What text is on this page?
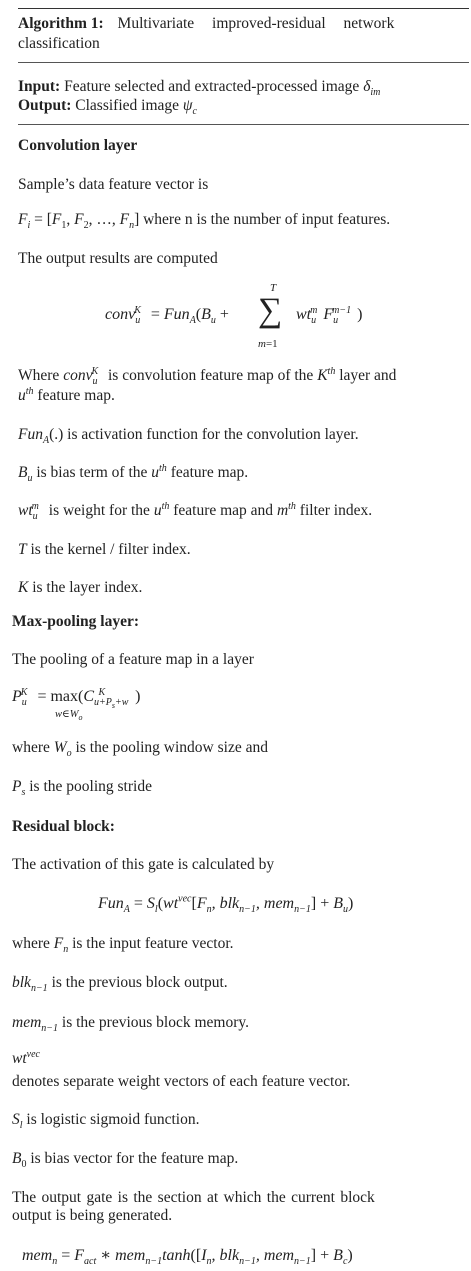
Algorithm 1: Multivariate improved-residual network
classification
Input: Feature selected and extracted-processed image $\delta_{im}$
Output: Classified image $\psi_c$
Convolution layer
Sample’s data feature vector is
$F_i = [F_1$, $F_2$, …, $F_n$] where n is the number of input features.
The output results are computed
conv$_u^K$ = $Fun_A(B_u$ +
T
∑
m=1
$wt_u^m$ $F_u^{m-1}$ )
Where conv$_u^K$ is convolution feature map of the $K^{th}$ layer and
$u^{th}$ feature map.
Fun$_A$(.) is activation function for the convolution layer.
$B_u$ is bias term of the $u^{th}$ feature map.
$wt_u^m$ is weight for the $u^{th}$ feature map and $m^{th}$ filter index.
T is the kernel / filter index.
K is the layer index.
Max-pooling layer:
The pooling of a feature map in a layer
$P_u^K = \max(C_{u+P_s+w}^K$ )
$w\in W_o$
where $W_o$ is the pooling window size and
$P_s$ is the pooling stride
Residual block:
The activation of this gate is calculated by
$Fun_A = S_l(wt^{vec}[F_n$, blk$_{n-1}$, $mem_{n-1}] + B_u$)
where $F_n$ is the input feature vector.
blk$_{n-1}$ is the previous block output.
mem$_{n-1}$ is the previous block memory.
$wt^{vec}$
denotes separate weight vectors of each feature vector.
$S_l$ is logistic sigmoid function.
$B_0$ is bias vector for the feature map.
The output gate is the section at which the current block
output is being generated.
$mem_n = F_{act}$ ∗ $mem_{n-1}\tanh([I_n$, blk$_{n-1}$, $mem_{n-1}] + B_c$)
